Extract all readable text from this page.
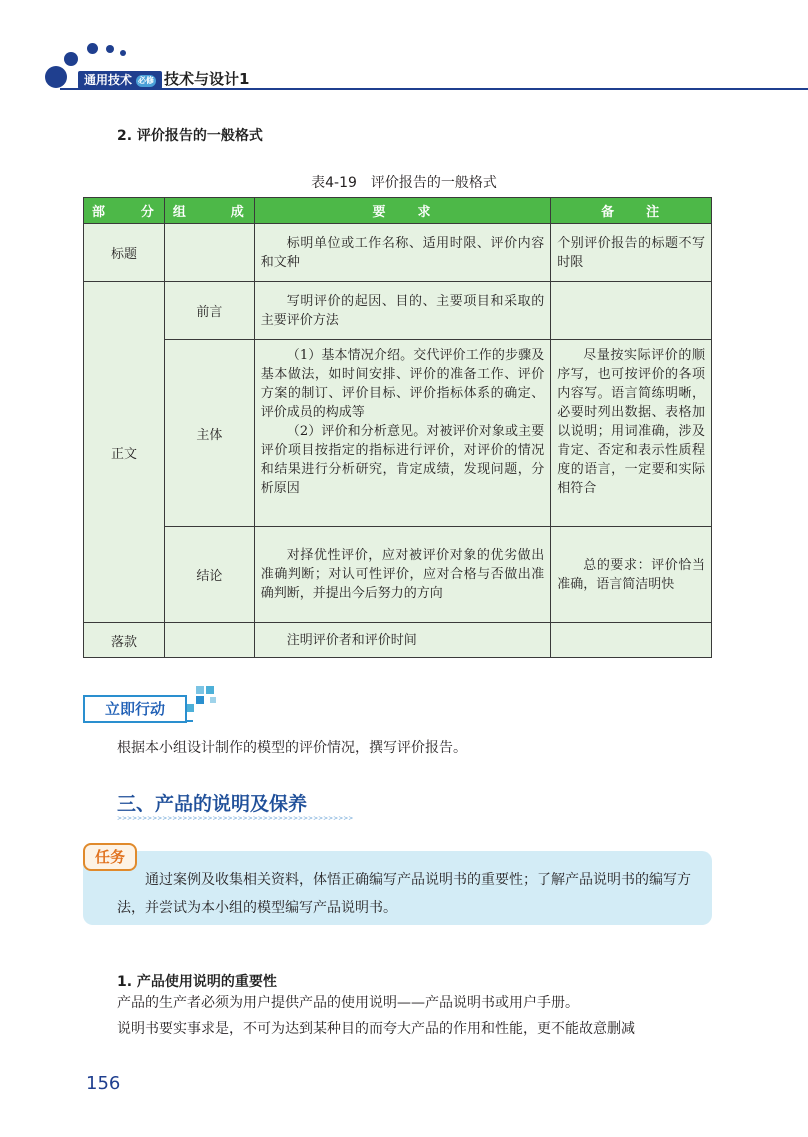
通用技术 必修 技术与设计1
2. 评价报告的一般格式
表4-19　评价报告的一般格式
部 分	组 成	要　　求	备　　注
标题		标明单位或工作名称、适用时限、评价内容和文种	个别评价报告的标题不写时限
正文	前言	写明评价的起因、目的、主要项目和采取的主要评价方法	
	主体	（1）基本情况介绍。交代评价工作的步骤及基本做法，如时间安排、评价的准备工作、评价方案的制订、评价目标、评价指标体系的确定、评价成员的构成等
（2）评价和分析意见。对被评价对象或主要评价项目按指定的指标进行评价，对评价的情况和结果进行分析研究，肯定成绩，发现问题，分析原因	尽量按实际评价的顺序写，也可按评价的各项内容写。语言简练明晰，必要时列出数据、表格加以说明；用词准确，涉及肯定、否定和表示性质程度的语言，一定要和实际相符合
	结论	对择优性评价，应对被评价对象的优劣做出准确判断；对认可性评价，应对合格与否做出准确判断，并提出今后努力的方向	总的要求：评价恰当准确，语言简洁明快
落款		注明评价者和评价时间	
立即行动
根据本小组设计制作的模型的评价情况，撰写评价报告。
三、产品的说明及保养
>>>>>>>>>>>>>>>>>>>>>>>>>>>>>>>>>>>>>>>>>>>>>>>
任务
通过案例及收集相关资料，体悟正确编写产品说明书的重要性；了解产品说明书的编写方法，并尝试为本小组的模型编写产品说明书。
1. 产品使用说明的重要性
产品的生产者必须为用户提供产品的使用说明——产品说明书或用户手册。
说明书要实事求是，不可为达到某种目的而夸大产品的作用和性能，更不能故意删减
156
